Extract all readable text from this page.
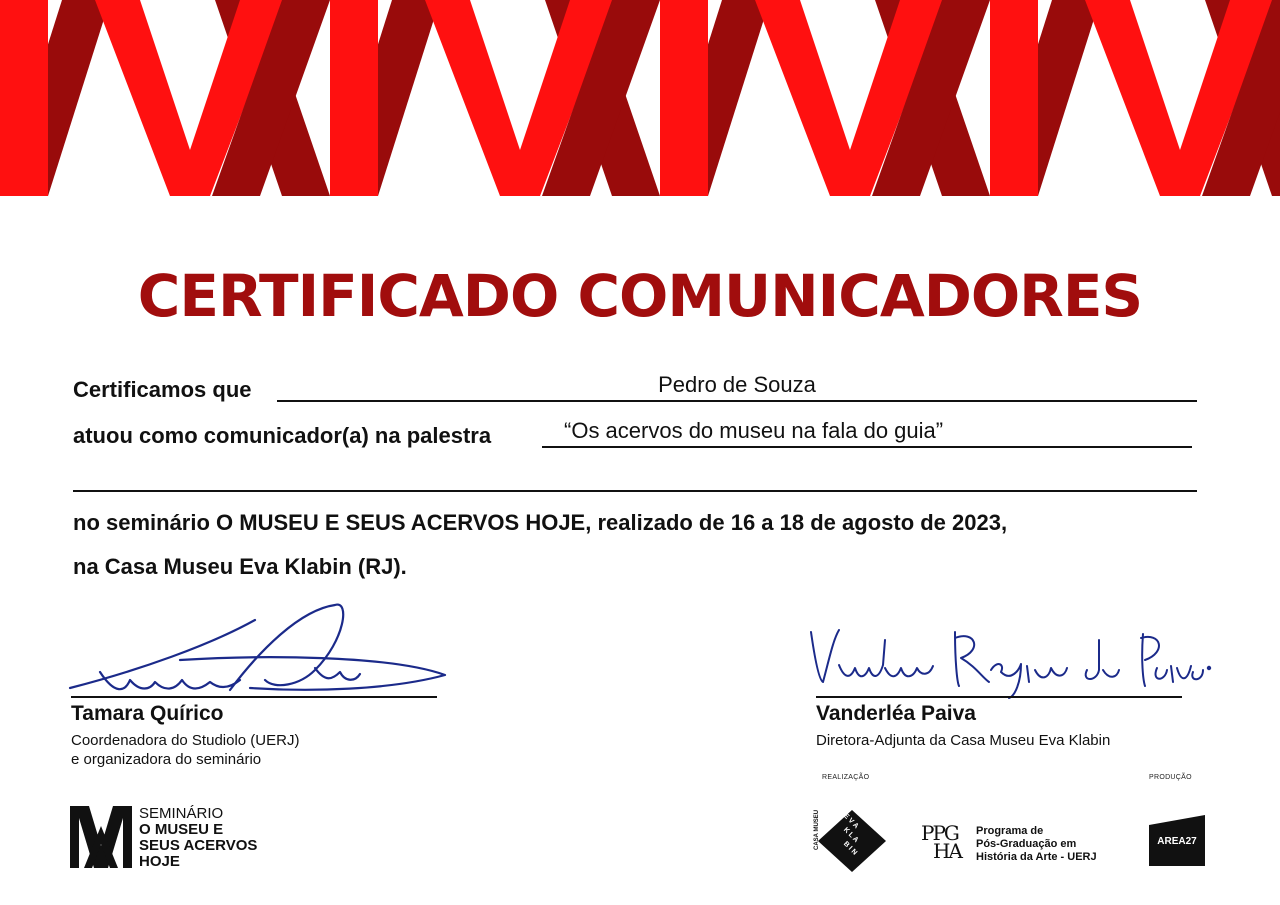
CERTIFICADO COMUNICADORES
Certificamos que	Pedro de Souza
atuou como comunicador(a) na palestra	“Os acervos do museu na fala do guia”
no seminário O MUSEU E SEUS ACERVOS HOJE, realizado de 16 a 18 de agosto de 2023,
na Casa Museu Eva Klabin (RJ).
Tamara Quírico
Coordenadora do Studiolo (UERJ)
e organizadora do seminário
Vanderléa Paiva
Diretora-Adjunta da Casa Museu Eva Klabin
SEMINÁRIO
O MUSEU E
SEUS ACERVOS
HOJE
REALIZAÇÃO	PRODUÇÃO
CASA MUSEU	E V A
K L A
B I N
PPG
HA
Programa de
Pós-Graduação em
História da Arte - UERJ
AREA27
